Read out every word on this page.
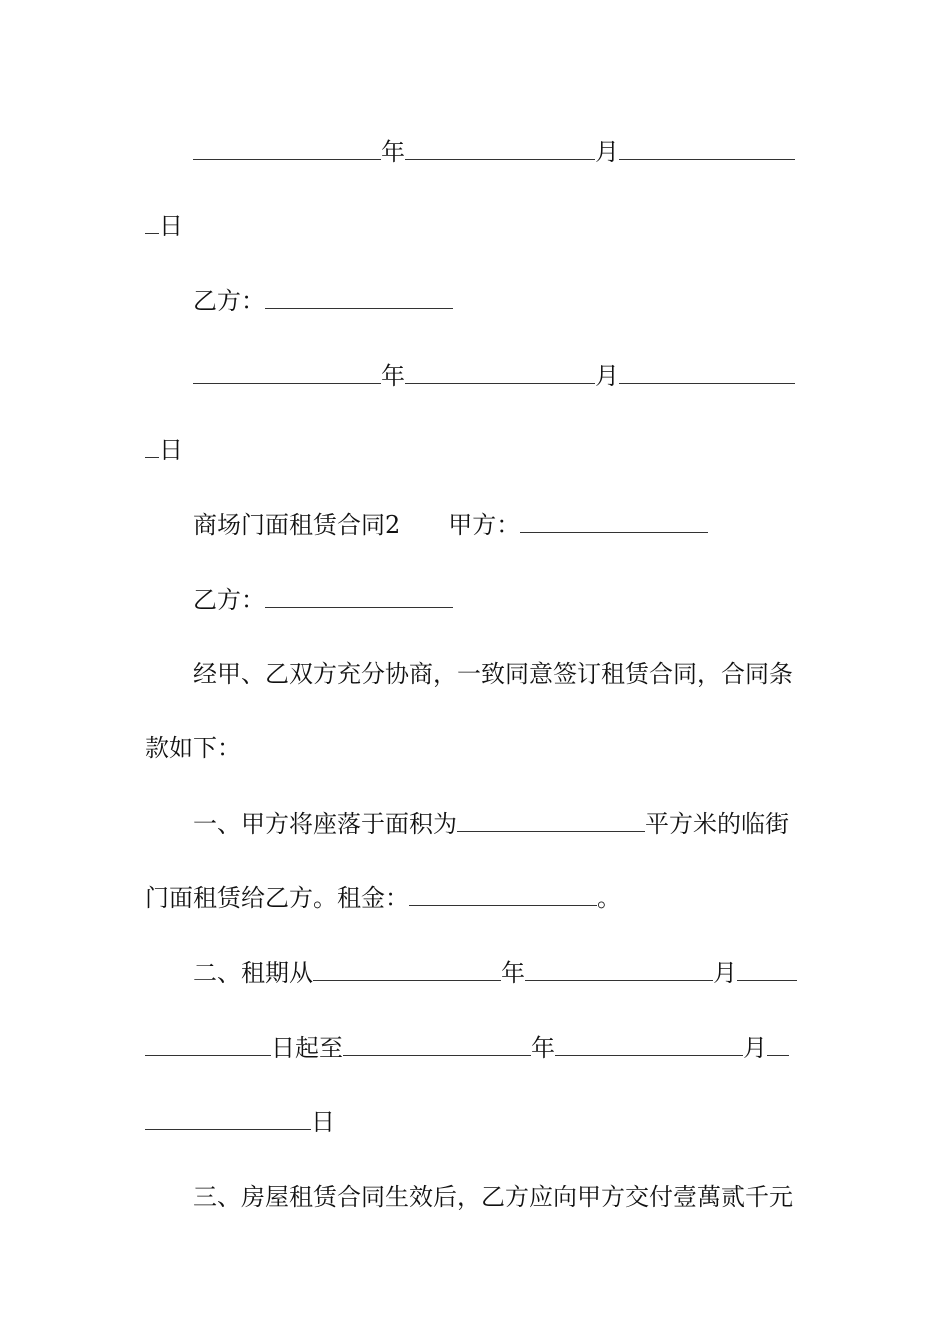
年	月
日
乙方：
年	月
日
商场门面租赁合同2 甲方：
乙方：
经甲、乙双方充分协商，一致同意签订租赁合同，合同条
款如下：
一、甲方将座落于面积为	平方米的临街
门面租赁给乙方。租金：	。
二、租期从	年	月
日起至	年	月
日
三、房屋租赁合同生效后，乙方应向甲方交付壹萬贰千元
